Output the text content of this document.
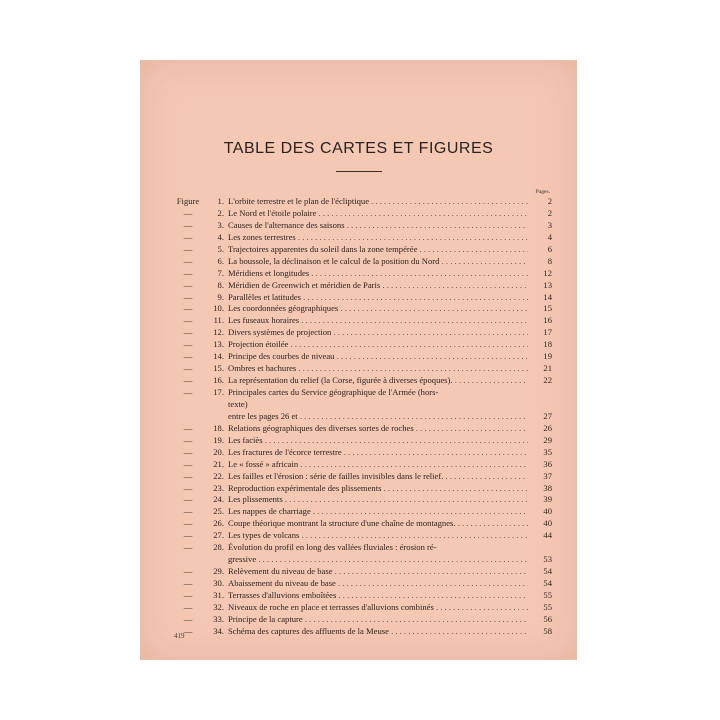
TABLE DES CARTES ET FIGURES
Pages.
Figure	1. L'orbite terrestre et le plan de l'écliptique . . .	2
—	2. Le Nord et l'étoile polaire . . .	2
—	3. Causes de l'alternance des saisons . . .	3
—	4. Les zones terrestres . . .	4
—	5. Trajectoires apparentes du soleil dans la zone tempérée . . .	6
—	6. La boussole, la déclinaison et le calcul de la position du Nord . . .	8
—	7. Méridiens et longitudes . . .	12
—	8. Méridien de Greenwich et méridien de Paris . . .	13
—	9. Parallèles et latitudes . . .	14
—	10. Les coordonnées géographiques . . .	15
—	11. Les fuseaux horaires . . .	16
—	12. Divers systèmes de projection . . .	17
—	13. Projection étoilée . . .	18
—	14. Principe des courbes de niveau . . .	19
—	15. Ombres et hachures . . .	21
—	16. La représentation du relief (la Corse, figurée à diverses époques). . . .	22
—	17. Principales cartes du Service géographique de l'Armée (hors-
texte)
entre les pages 26 et . . .	27
—	18. Relations géographiques des diverses sortes de roches . . .	26
—	19. Les faciès . . .	29
—	20. Les fractures de l'écorce terrestre . . .	35
—	21. Le « fossé » africain . . .	36
—	22. Les failles et l'érosion : série de failles invisibles dans le relief. . . .	37
—	23. Reproduction expérimentale des plissements . . .	38
—	24. Les plissements . . .	39
—	25. Les nappes de charriage . . .	40
—	26. Coupe théorique montrant la structure d'une chaîne de montagnes. . . .	40
—	27. Les types de volcans . . .	44
—	28. Évolution du profil en long des vallées fluviales : érosion ré-
gressive . . .	53
—	29. Relèvement du niveau de base . . .	54
—	30. Abaissement du niveau de base . . .	54
—	31. Terrasses d'alluvions emboîtées . . .	55
—	32. Niveaux de roche en place et terrasses d'alluvions combinés . . .	55
—	33. Principe de la capture . . .	56
—	34. Schéma des captures des affluents de la Meuse . . .	58
419
